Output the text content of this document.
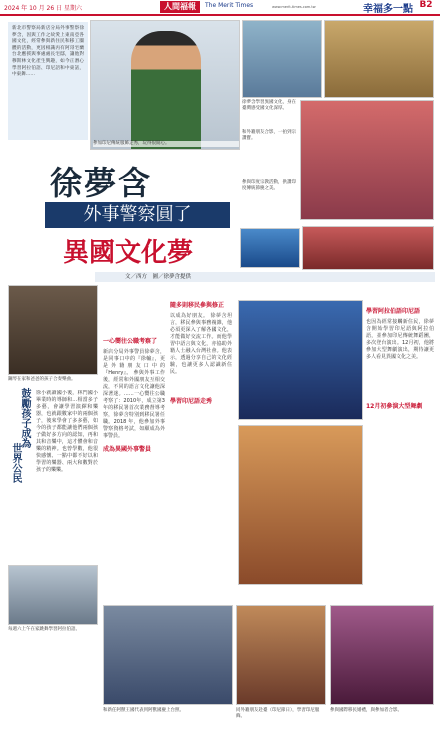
2024 年 10 月 26 日 星期六	人間福報	The Merit Times	www.merit-times.com.tw	幸福多一點 B2

新北市警察局新店分局外事警察徐夢含，因與工作之故愛上東南亞各國文化，經常參與新住民和移工團體的活動，更因相識丙有阿哥宅蘭台北應援與事處處長宅邸，讓他對穆斯林文化產生興趣，如今正潛心學習阿拉伯語、印尼語和中東話，中東舞……

參加印尼傳統服飾走秀，玩得很開心。
徐夢含學習異國文化，身在臺灣感受國文化深厚。
和外籍朋友合影，一拍到宗讚寶。
參與印度宗教活動，供讚印度傳統節慶之美。
徐夢含
外事警察圓了
異國文化夢
文／西方　圖／徐夢含提供
鋼琴在家和爸爸的孩子合奏樂曲。
鼓勵孩子成為
世界公民

徐小就讀國小後，林門國小畢業時的導師和…相當多子多藝，會讓學習演繹和樂器，也就跟數家中的兩個孩子，後來學會了多多藝，如今的孩子都能讓他們兩個孩子做好多方向的認知，再和其和音樂中，這才體會和音樂的精神。也曾學數，他很快感懷、一點中都不好以和學習的樂器、兩大和數對於孩子的樂樂。

每週六上午在家跳舞學習阿拉伯語。
一心嚮往公職考察了

新店分局外事警員徐夢含，是同事口中的『徐輸』，更是外籍朋友口中的『Henry』。 參與外事工作後，經常和外國朋友互相交流，不同的語言文化讓他深深著迷。……一心嚮往公職考察了：2010年，成立第3年的移民署首次業務督導考察，徐夢含特別到移民署任職。2018 年，他參加外事警察資格考試，如願成為外事警員。

成為異國外事警員
隨多則移民參與修正

以成為好朋友。 徐夢含坦言，移民參與事務複雜，他必須更深入了解各國文化，才能做好交流工作。而他學習中語言與文化，亦協助外籍人士融入台灣社會。他表示，透過分享自己的文化經驗，也讓更多人認識新住民。

學習印尼語走秀
學習阿拉伯語印尼語

也因為經常接觸新住民，徐夢含開始學習印尼語與阿拉伯語，並參加印尼傳統舞蹈團，多次登台演出。12月初，他將參加大型舞劇演出，期待讓更多人看見異國文化之美。

12月初參演大型舞劇
和新任阿獸王國代表到阿獸國慶上台照。	同外籍朋友赴臺（印尼節日），學習印尼服飾。
參與國際移民婚禮，與參加者合影。
